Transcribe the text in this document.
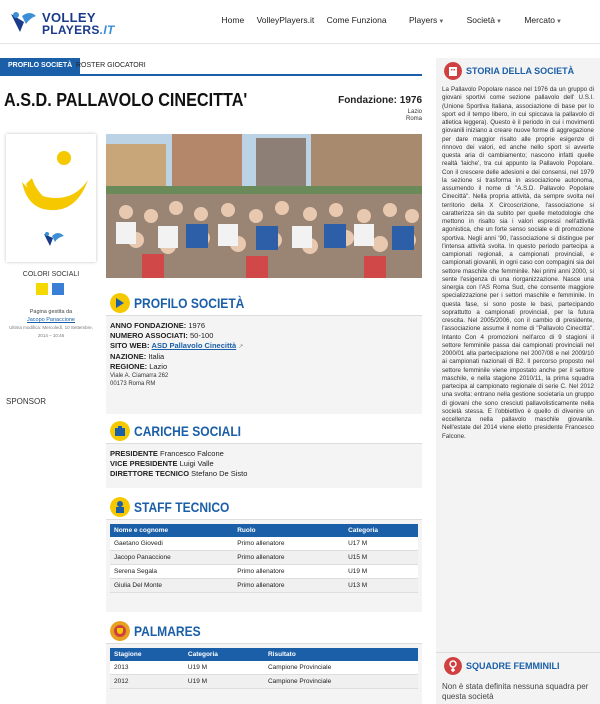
VOLLEY
PLAYERS.IT
Home VolleyPlayers.it Come Funziona	Players▼	Società▼	Mercato▼
PROFILO SOCIETÀ ROSTER GIOCATORI
A.S.D. PALLAVOLO CINECITTA'	Fondazione: 1976
Lazio
Roma
COLORI SOCIALI
Pagina gestita da
Jacopo Panaccione
Ultima modifica: Mercoledì, 10 Settembre, 2014 – 10:46
SPONSOR
PROFILO SOCIETÀ
ANNO FONDAZIONE: 1976
NUMERO ASSOCIATI: 50-100
SITO WEB: ASD Pallavolo Cinecittà ↗
NAZIONE: Italia
REGIONE: Lazio
Viale A. Ciamarra 262
00173 Roma RM
CARICHE SOCIALI
PRESIDENTE Francesco Falcone
VICE PRESIDENTE Luigi Valle
DIRETTORE TECNICO Stefano De Sisto
STAFF TECNICO
Nome e cognome	Ruolo	Categoria
Gaetano Giovedi	Primo allenatore	U17 M
Jacopo Panaccione	Primo allenatore	U15 M
Serena Segala	Primo allenatore	U19 M
Giulia Del Monte	Primo allenatore	U13 M
PALMARES
Stagione	Categoria	Risultato
2013	U19 M	Campione Provinciale
2012	U19 M	Campione Provinciale
STORIA DELLA SOCIETÀ
La Pallavolo Popolare nasce nel 1976 da un gruppo di giovani sportivi come sezione pallavolo dell' U.S.I. (Unione Sportiva Italiana, associazione di base per lo sport ed il tempo libero, in cui spiccava la pallavolo di atletica leggera). Questo è il periodo in cui i movimenti giovanili iniziano a creare nuove forme di aggregazione per dare maggior risalto alle proprie esigenze di rinnovo dei valori, ed anche nello sport si avverte questa aria di cambiamento; nascono infatti quelle realtà 'laiche', tra cui appunto la Pallavolo Popolare. Con il crescere delle adesioni e dei consensi, nel 1979 la sezione si trasforma in associazione autonoma, assumendo il nome di "A.S.D. Pallavolo Popolare Cinecittà". Nella propria attività, da sempre svolta nel territorio della X Circoscrizione, l'associazione si caratterizza sin da subito per quelle metodologie che mettono in risalto sia i valori espressi nell'attività agonistica, che un forte senso sociale e di promozione sportiva. Negli anni '90, l'associazione si distingue per l'intensa attività svolta. In questo periodo partecipa a campionati regionali, a campionati provinciali, e campionati giovanili, in ogni caso con compagini sia del settore maschile che femminile. Nei primi anni 2000, si sente l'esigenza di una riorganizzazione. Nasce una sinergia con l'AS Roma Sud, che consente maggiore specializzazione per i settori maschile e femminile. In questa fase, si sono poste le basi, partecipando soprattutto a campionati provinciali, per la futura crescita. Nel 2005/2006, con il cambio di presidente, l'associazione assume il nome di "Pallavolo Cinecittà". Intanto Con 4 promozioni nell'arco di 9 stagioni il settore femminile passa dai campionati provinciali nel 2000/01 alla partecipazione nel 2007/08 e nel 2009/10 ai campionati nazionali di B2. Il percorso proposto nel settore femminile viene impostato anche per il settore maschile, e nella stagione 2010/11, la prima squadra partecipa al campionato regionale di serie C. Nel 2012 una svolta: entrano nella gestione societaria un gruppo di giovani che sono cresciuti pallavolisticamente nella società stessa. E l'obbiettivo è quello di divenire un eccellenza nella pallavolo maschile giovanile. Nell'estate del 2014 viene eletto presidente Francesco Falcone.
SQUADRE FEMMINILI
Non è stata definita nessuna squadra per questa società
